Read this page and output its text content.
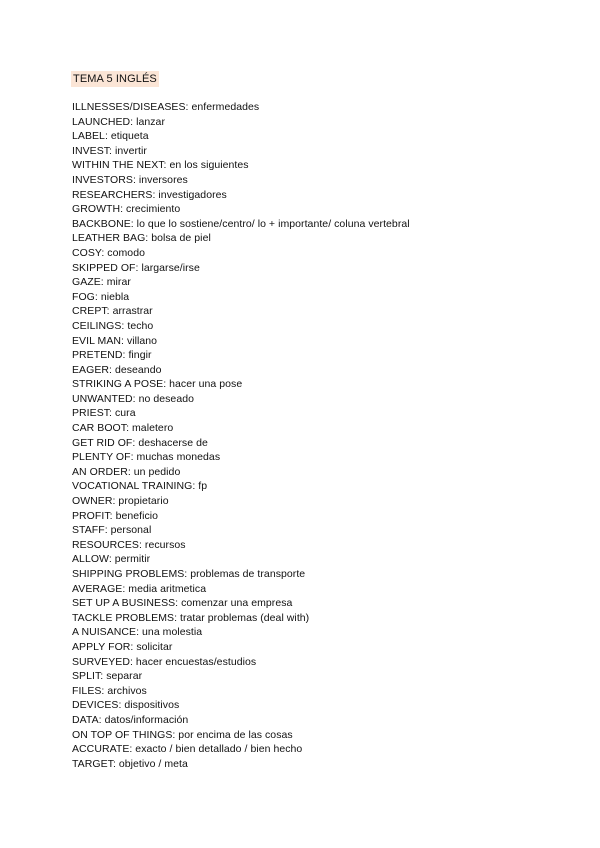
TEMA 5 INGLÉS
ILLNESSES/DISEASES: enfermedades
LAUNCHED: lanzar
LABEL: etiqueta
INVEST: invertir
WITHIN THE NEXT: en los siguientes
INVESTORS: inversores
RESEARCHERS: investigadores
GROWTH: crecimiento
BACKBONE: lo que lo sostiene/centro/ lo + importante/ coluna vertebral
LEATHER BAG: bolsa de piel
COSY: comodo
SKIPPED OF: largarse/irse
GAZE: mirar
FOG: niebla
CREPT: arrastrar
CEILINGS: techo
EVIL MAN: villano
PRETEND: fingir
EAGER: deseando
STRIKING A POSE: hacer una pose
UNWANTED: no deseado
PRIEST: cura
CAR BOOT: maletero
GET RID OF: deshacerse de
PLENTY OF: muchas monedas
AN ORDER: un pedido
VOCATIONAL TRAINING: fp
OWNER: propietario
PROFIT: beneficio
STAFF: personal
RESOURCES: recursos
ALLOW: permitir
SHIPPING PROBLEMS: problemas de transporte
AVERAGE: media aritmetica
SET UP A BUSINESS: comenzar una empresa
TACKLE PROBLEMS: tratar problemas (deal with)
A NUISANCE: una molestia
APPLY FOR: solicitar
SURVEYED: hacer encuestas/estudios
SPLIT: separar
FILES: archivos
DEVICES: dispositivos
DATA: datos/información
ON TOP OF THINGS: por encima de las cosas
ACCURATE: exacto / bien detallado / bien hecho
TARGET: objetivo / meta
